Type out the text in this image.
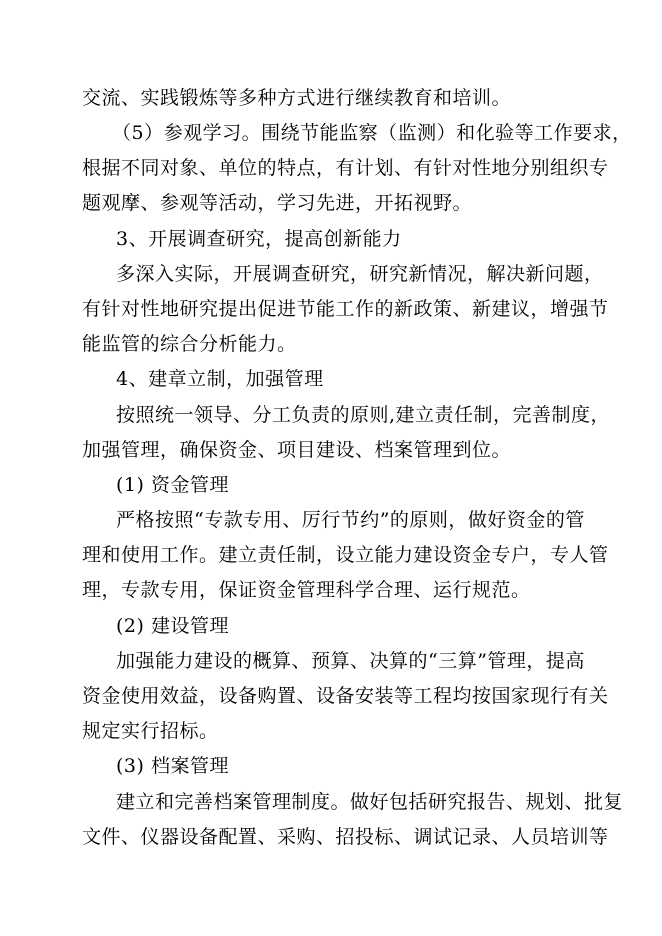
交流、实践锻炼等多种方式进行继续教育和培训。
（5）参观学习。围绕节能监察（监测）和化验等工作要求，
根据不同对象、单位的特点，有计划、有针对性地分别组织专
题观摩、参观等活动，学习先进，开拓视野。
3、开展调查研究，提高创新能力
多深入实际，开展调查研究，研究新情况，解决新问题，
有针对性地研究提出促进节能工作的新政策、新建议，增强节
能监管的综合分析能力。
4、建章立制，加强管理
按照统一领导、分工负责的原则,建立责任制，完善制度，
加强管理，确保资金、项目建设、档案管理到位。
(1) 资金管理
严格按照“专款专用、厉行节约”的原则，做好资金的管
理和使用工作。建立责任制，设立能力建设资金专户，专人管
理，专款专用，保证资金管理科学合理、运行规范。
(2) 建设管理
加强能力建设的概算、预算、决算的“三算”管理，提高
资金使用效益，设备购置、设备安装等工程均按国家现行有关
规定实行招标。
(3) 档案管理
建立和完善档案管理制度。做好包括研究报告、规划、批复
文件、仪器设备配置、采购、招投标、调试记录、人员培训等
